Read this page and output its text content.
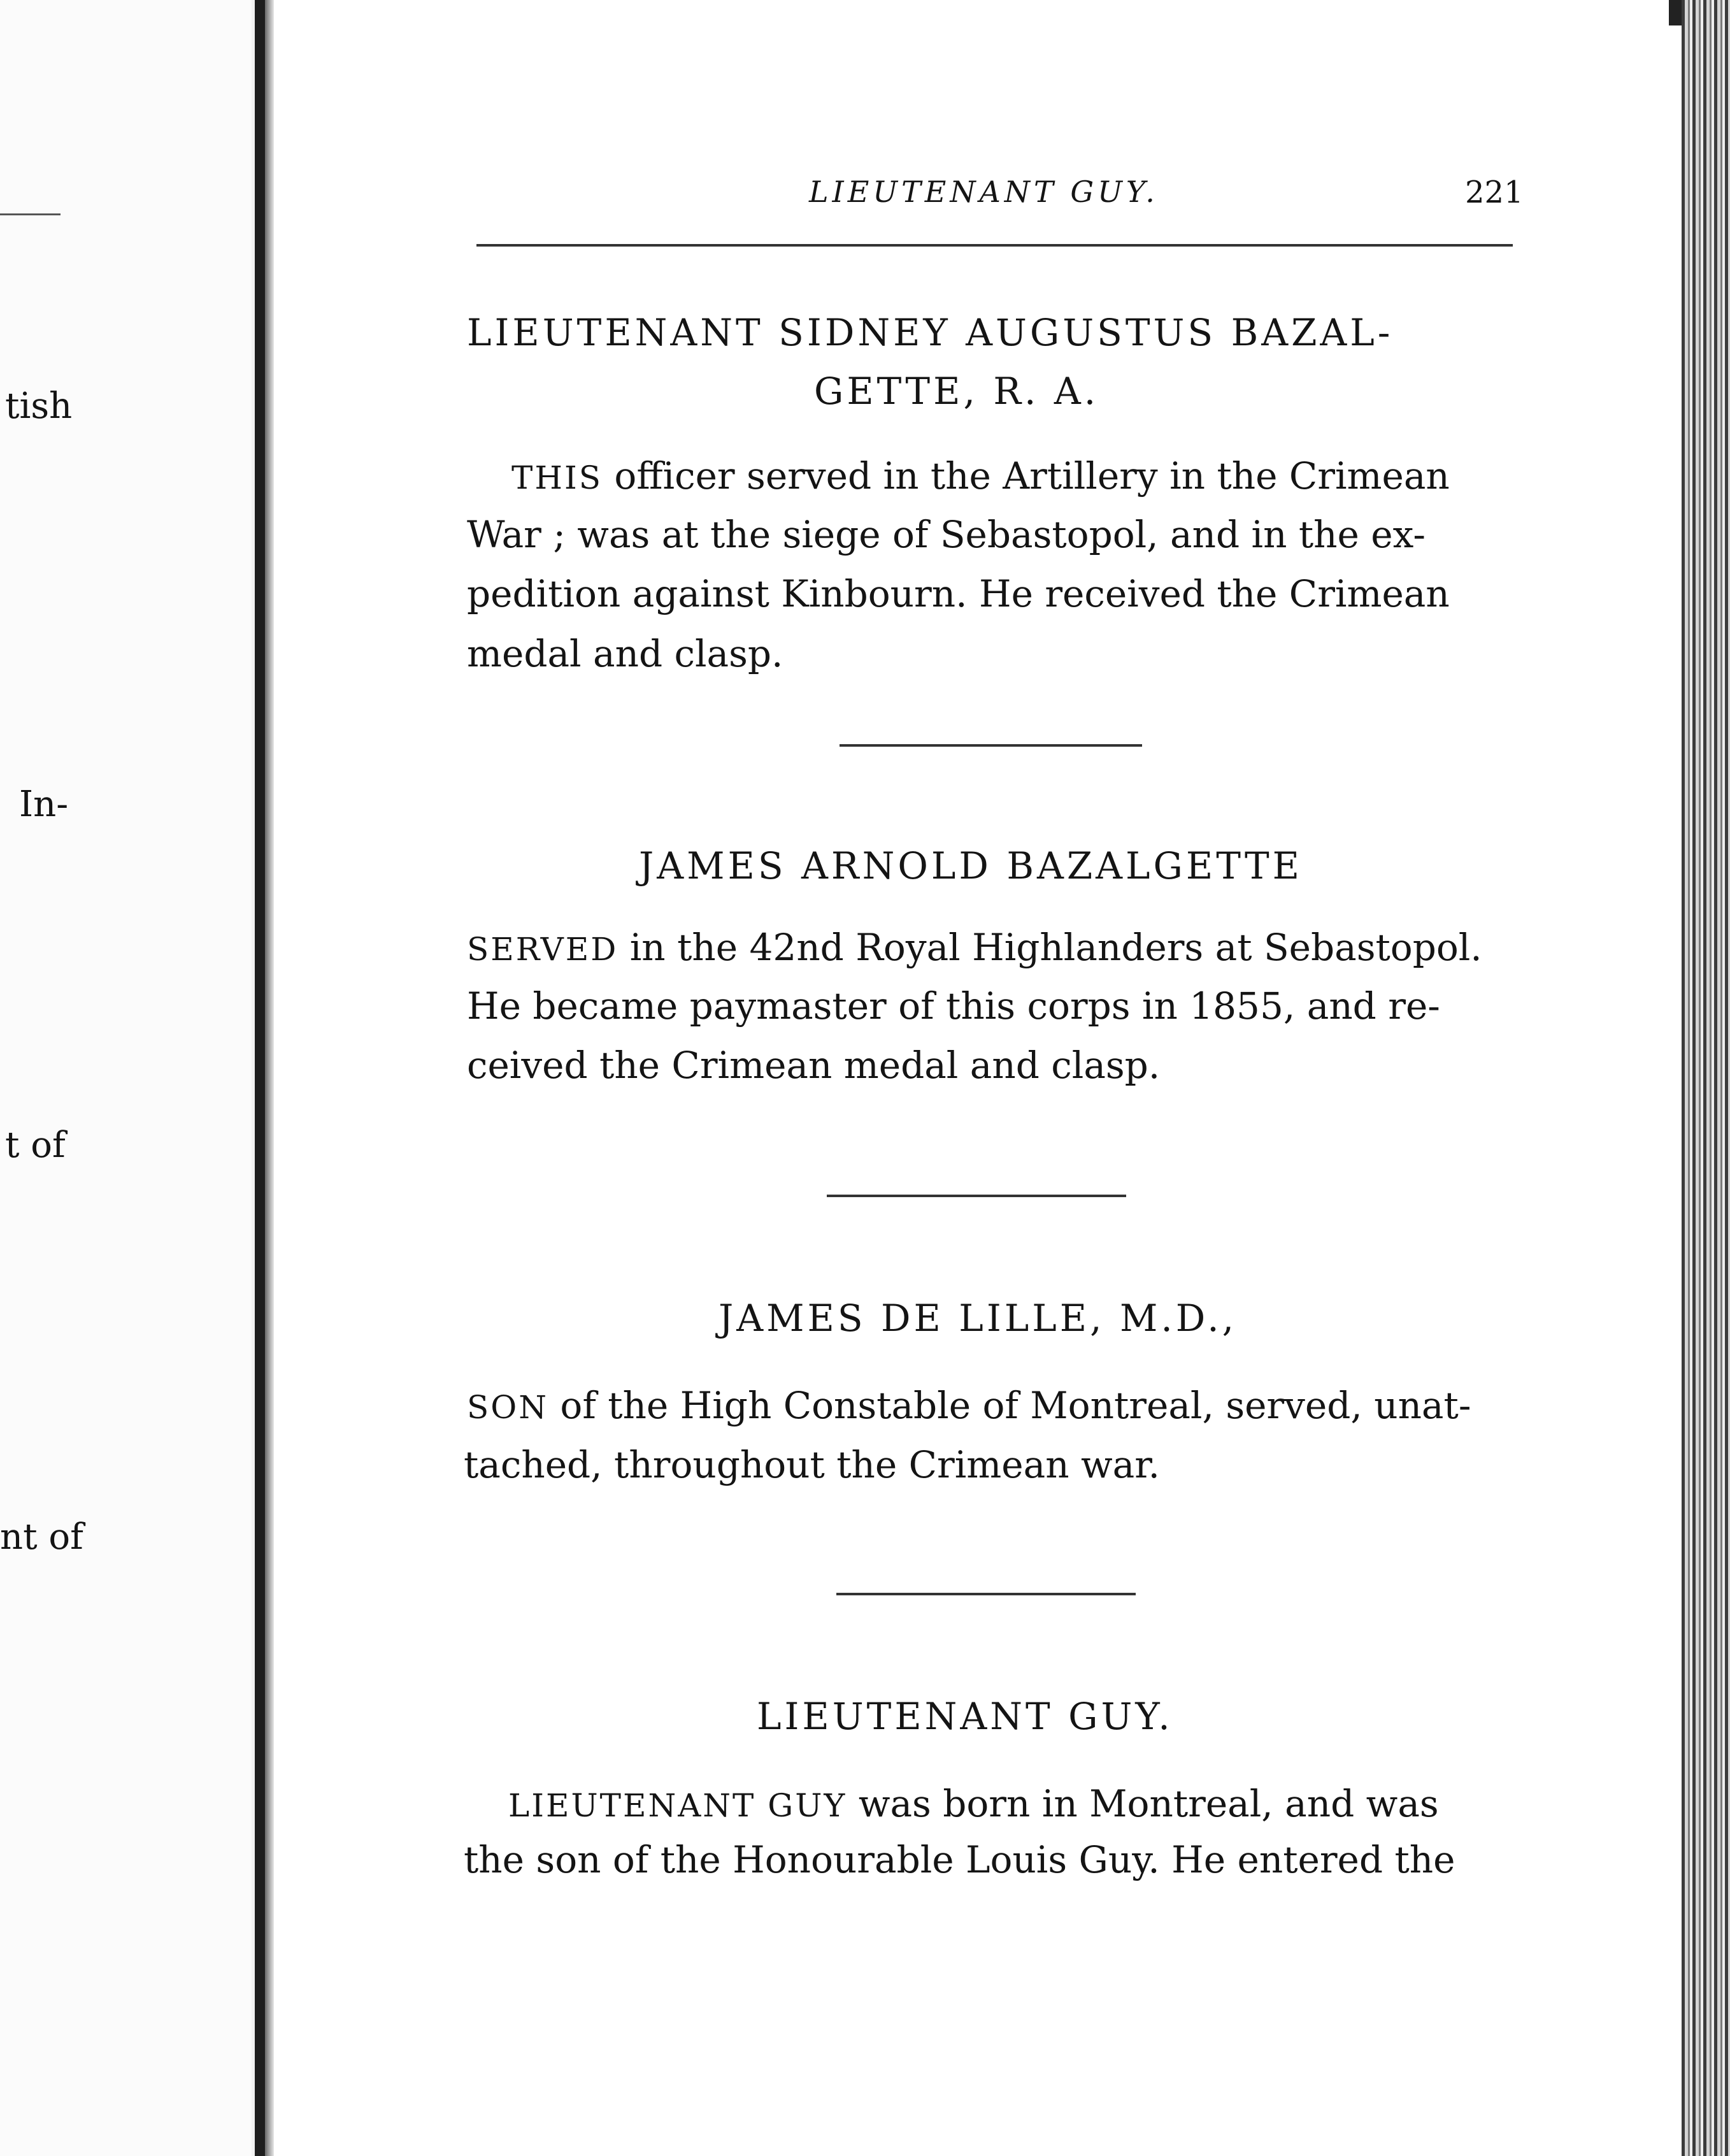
tish
In-
t of
nt of
LIEUTENANT GUY.	221
LIEUTENANT SIDNEY AUGUSTUS BAZAL-
GETTE, R. A.
THIS officer served in the Artillery in the Crimean
War ; was at the siege of Sebastopol, and in the ex-
pedition against Kinbourn. He received the Crimean
medal and clasp.
JAMES ARNOLD BAZALGETTE
SERVED in the 42nd Royal Highlanders at Sebastopol.
He became paymaster of this corps in 1855, and re-
ceived the Crimean medal and clasp.
JAMES DE LILLE, M.D.,
SON of the High Constable of Montreal, served, unat-
tached, throughout the Crimean war.
LIEUTENANT GUY.
LIEUTENANT GUY was born in Montreal, and was
the son of the Honourable Louis Guy. He entered the
